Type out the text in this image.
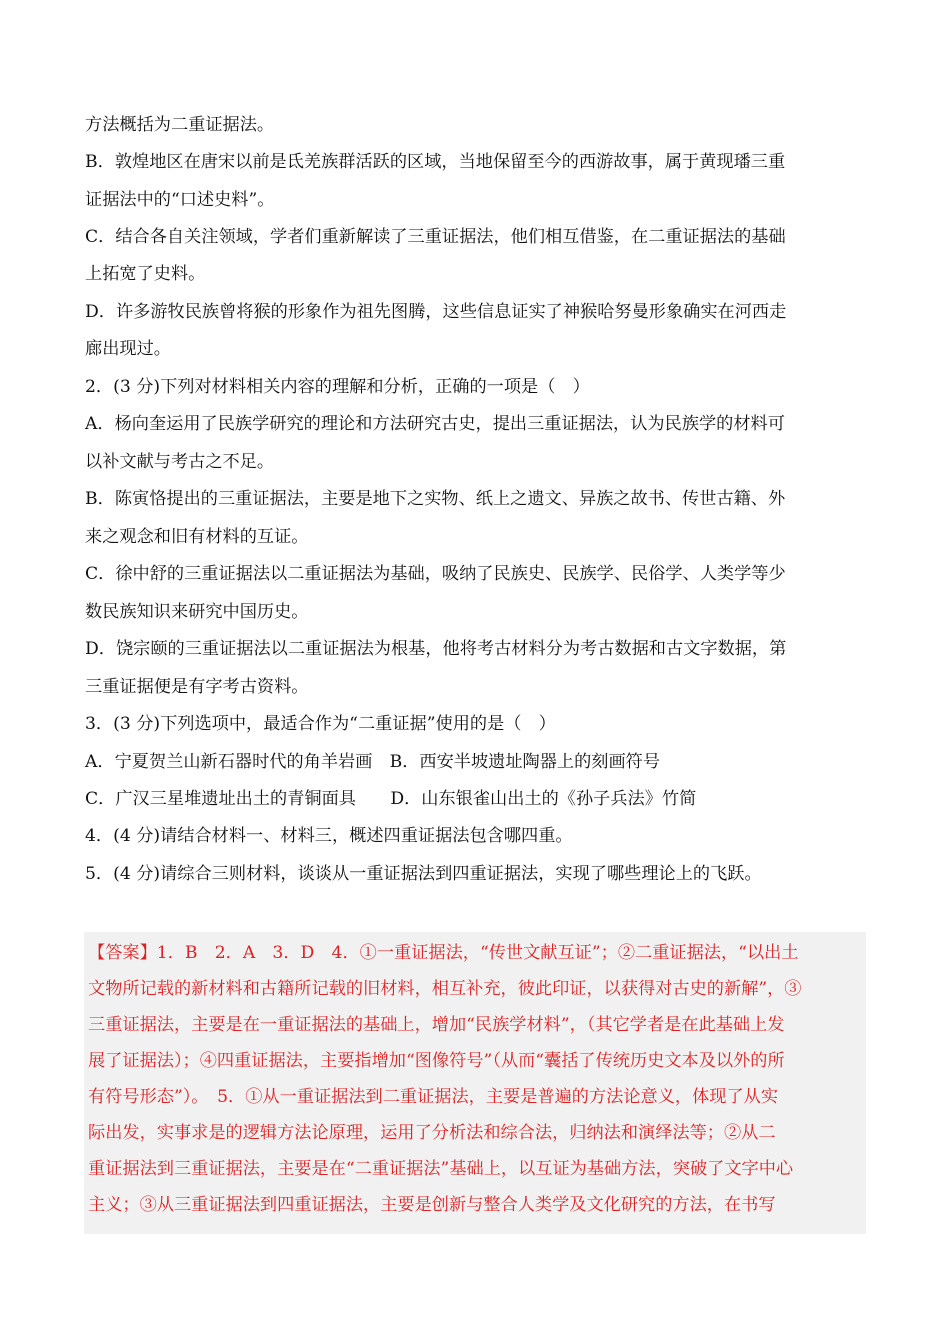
方法概括为二重证据法。
B．敦煌地区在唐宋以前是氐羌族群活跃的区域，当地保留至今的西游故事，属于黄现璠三重
证据法中的“口述史料”。
C．结合各自关注领域，学者们重新解读了三重证据法，他们相互借鉴，在二重证据法的基础
上拓宽了史料。
D．许多游牧民族曾将猴的形象作为祖先图腾，这些信息证实了神猴哈努曼形象确实在河西走
廊出现过。
2．(3 分)下列对材料相关内容的理解和分析，正确的一项是（　）
A．杨向奎运用了民族学研究的理论和方法研究古史，提出三重证据法，认为民族学的材料可
以补文献与考古之不足。
B．陈寅恪提出的三重证据法，主要是地下之实物、纸上之遗文、异族之故书、传世古籍、外
来之观念和旧有材料的互证。
C．徐中舒的三重证据法以二重证据法为基础，吸纳了民族史、民族学、民俗学、人类学等少
数民族知识来研究中国历史。
D．饶宗颐的三重证据法以二重证据法为根基，他将考古材料分为考古数据和古文字数据，第
三重证据便是有字考古资料。
3．(3 分)下列选项中，最适合作为“二重证据”使用的是（　）
A．宁夏贺兰山新石器时代的角羊岩画　B．西安半坡遗址陶器上的刻画符号
C．广汉三星堆遗址出土的青铜面具　　D．山东银雀山出土的《孙子兵法》竹简
4．(4 分)请结合材料一、材料三，概述四重证据法包含哪四重。
5．(4 分)请综合三则材料，谈谈从一重证据法到四重证据法，实现了哪些理论上的飞跃。
【答案】1．B　2．A　3．D　4．①一重证据法，“传世文献互证”；②二重证据法，“以出土
文物所记载的新材料和古籍所记载的旧材料，相互补充，彼此印证，以获得对古史的新解”，③
三重证据法，主要是在一重证据法的基础上，增加“民族学材料”，（其它学者是在此基础上发
展了证据法）；④四重证据法，主要指增加“图像符号”（从而“囊括了传统历史文本及以外的所
有符号形态”）。　5．①从一重证据法到二重证据法，主要是普遍的方法论意义，体现了从实
际出发，实事求是的逻辑方法论原理，运用了分析法和综合法，归纳法和演绎法等；②从二
重证据法到三重证据法，主要是在“二重证据法”基础上，以互证为基础方法，突破了文字中心
主义；③从三重证据法到四重证据法，主要是创新与整合人类学及文化研究的方法，在书写
